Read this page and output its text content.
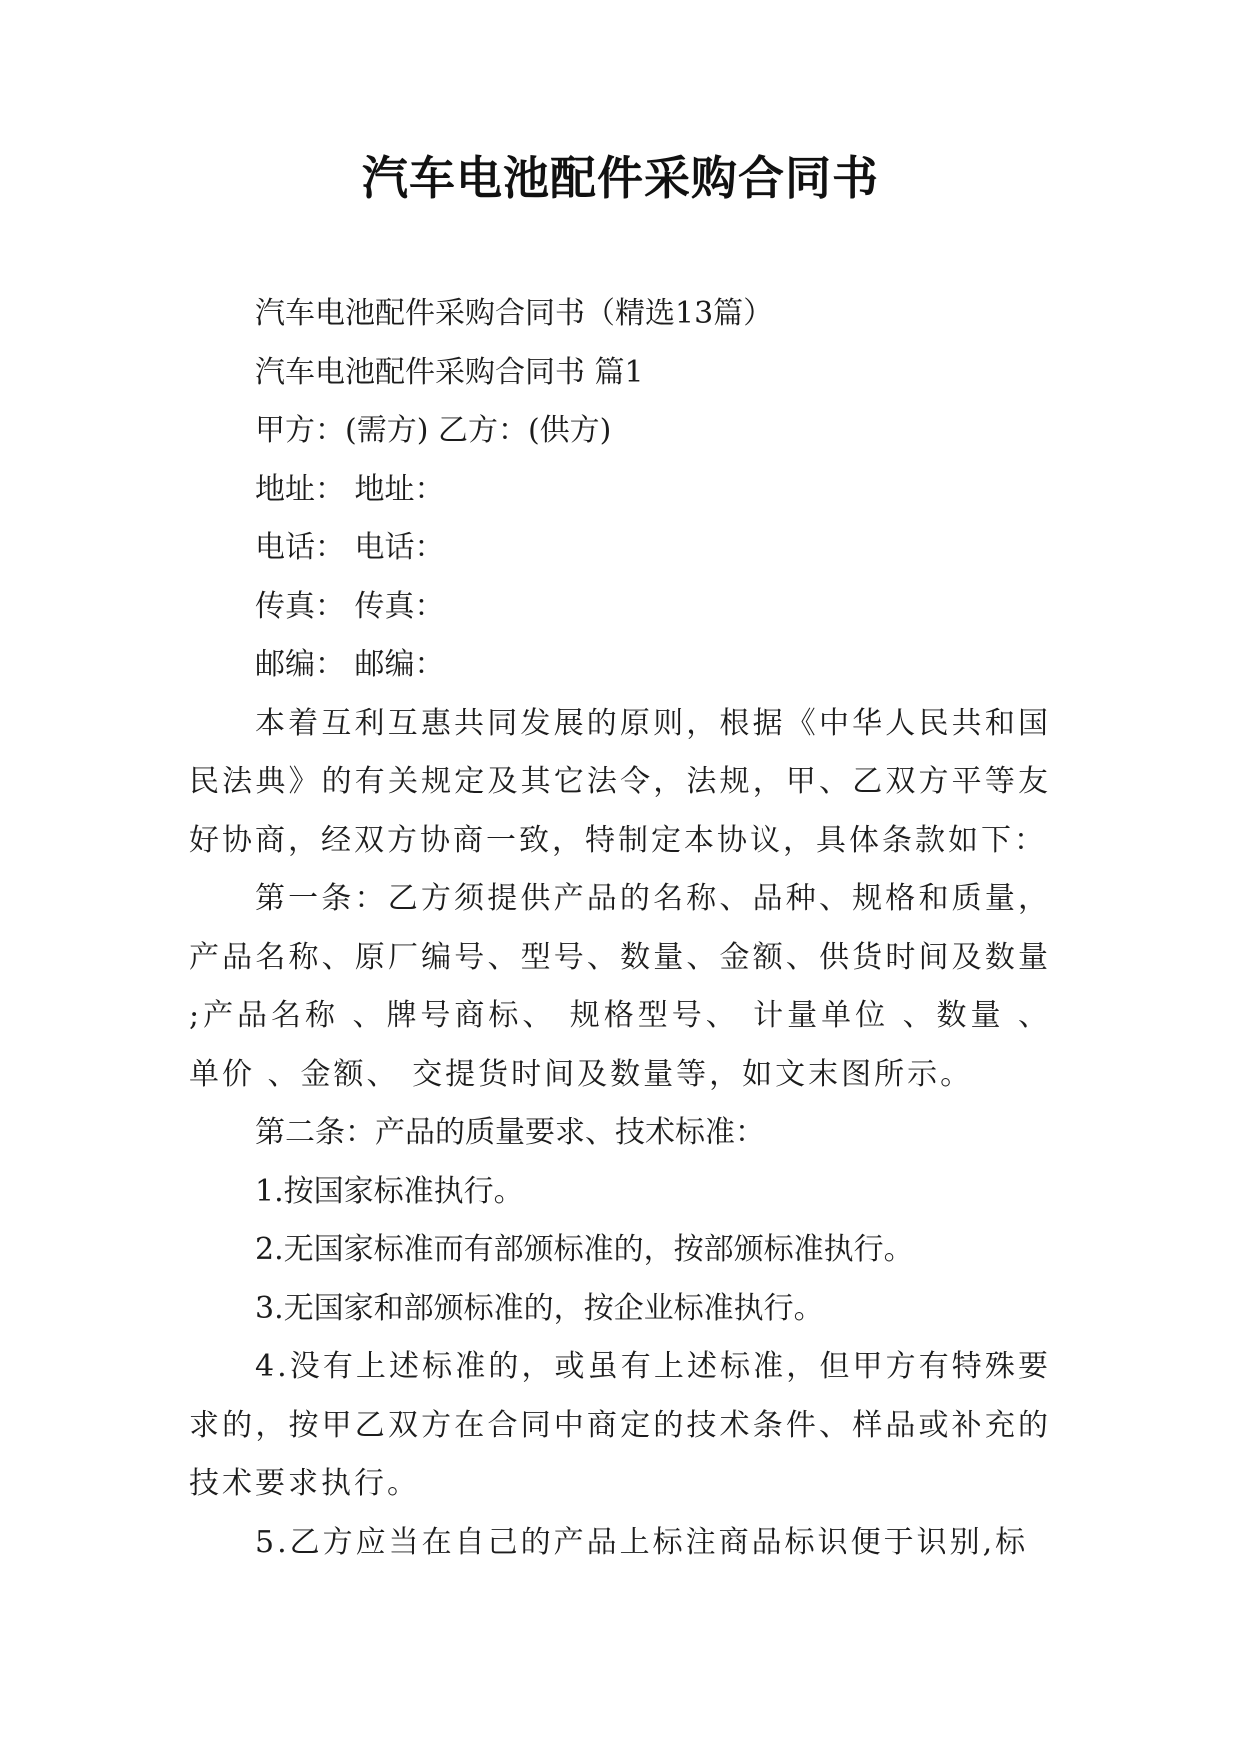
汽车电池配件采购合同书

汽车电池配件采购合同书（精选13篇）

汽车电池配件采购合同书 篇1

甲方：(需方) 乙方：(供方)

地址： 地址：

电话： 电话：

传真： 传真：

邮编： 邮编：

本着互利互惠共同发展的原则，根据《中华人民共和国民法典》的有关规定及其它法令，法规，甲、乙双方平等友好协商，经双方协商一致，特制定本协议，具体条款如下：

第一条：乙方须提供产品的名称、品种、规格和质量，产品名称、原厂编号、型号、数量、金额、供货时间及数量 ;产品名称 、牌号商标、 规格型号、 计量单位 、数量 、单价 、金额、 交提货时间及数量等，如文末图所示。

第二条：产品的质量要求、技术标准：

1.按国家标准执行。

2.无国家标准而有部颁标准的，按部颁标准执行。

3.无国家和部颁标准的，按企业标准执行。

4.没有上述标准的，或虽有上述标准，但甲方有特殊要求的，按甲乙双方在合同中商定的技术条件、样品或补充的技术要求执行。

5.乙方应当在自己的产品上标注商品标识便于识别,标
